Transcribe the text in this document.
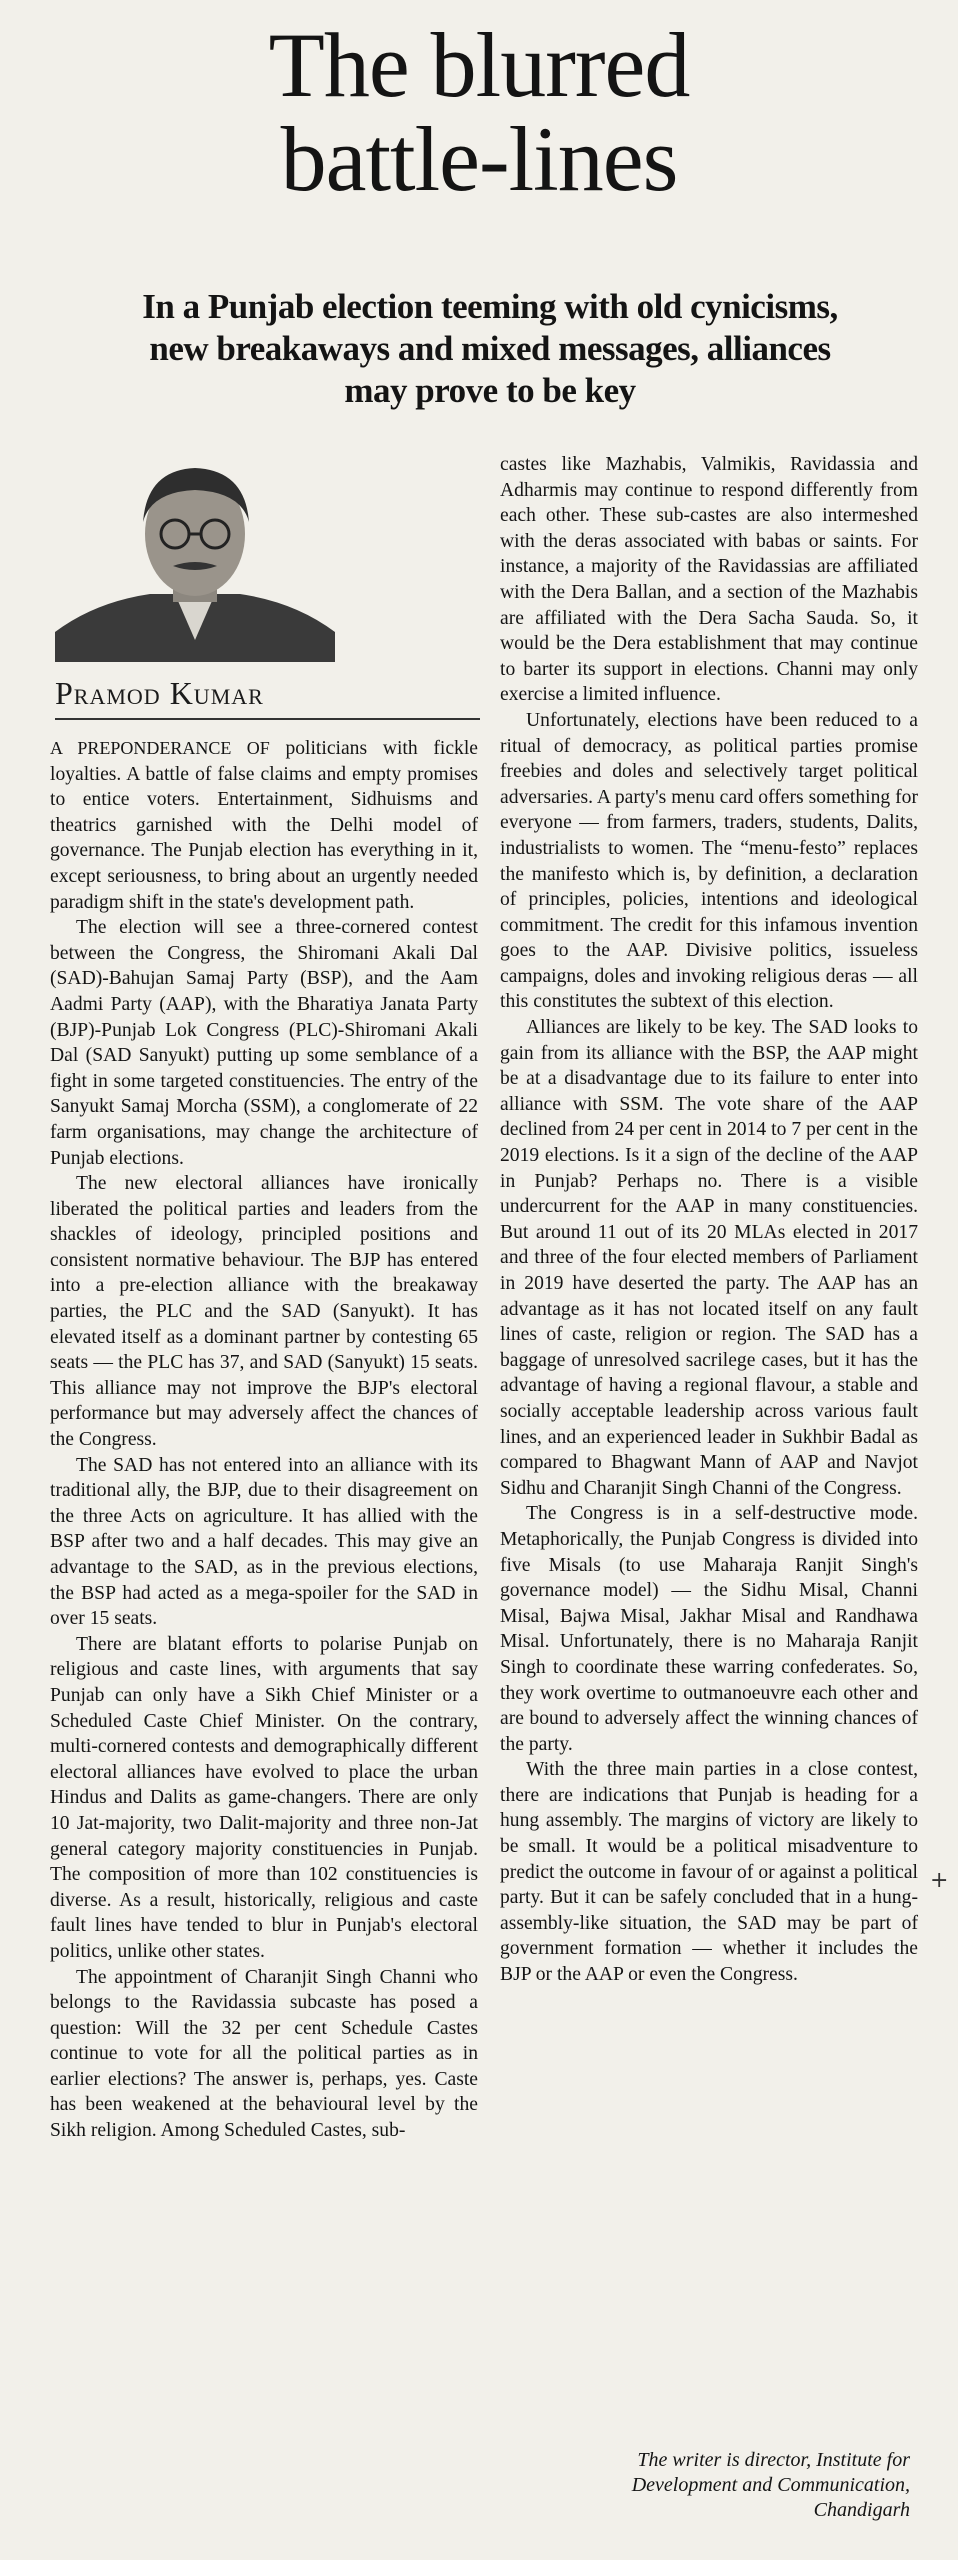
The blurred
battle-lines
In a Punjab election teeming with old cynicisms, new breakaways and mixed messages, alliances may prove to be key
Pramod Kumar

A PREPONDERANCE OF politicians with fickle loyalties. A battle of false claims and empty promises to entice voters. Entertainment, Sidhuisms and theatrics garnished with the Delhi model of governance. The Punjab election has everything in it, except seriousness, to bring about an urgently needed paradigm shift in the state's development path.

The election will see a three-cornered contest between the Congress, the Shiromani Akali Dal (SAD)-Bahujan Samaj Party (BSP), and the Aam Aadmi Party (AAP), with the Bharatiya Janata Party (BJP)-Punjab Lok Congress (PLC)-Shiromani Akali Dal (SAD Sanyukt) putting up some semblance of a fight in some targeted constituencies. The entry of the Sanyukt Samaj Morcha (SSM), a conglomerate of 22 farm organisations, may change the architecture of Punjab elections.

The new electoral alliances have ironically liberated the political parties and leaders from the shackles of ideology, principled positions and consistent normative behaviour. The BJP has entered into a pre-election alliance with the breakaway parties, the PLC and the SAD (Sanyukt). It has elevated itself as a dominant partner by contesting 65 seats — the PLC has 37, and SAD (Sanyukt) 15 seats. This alliance may not improve the BJP's electoral performance but may adversely affect the chances of the Congress.

The SAD has not entered into an alliance with its traditional ally, the BJP, due to their disagreement on the three Acts on agriculture. It has allied with the BSP after two and a half decades. This may give an advantage to the SAD, as in the previous elections, the BSP had acted as a mega-spoiler for the SAD in over 15 seats.

There are blatant efforts to polarise Punjab on religious and caste lines, with arguments that say Punjab can only have a Sikh Chief Minister or a Scheduled Caste Chief Minister. On the contrary, multi-cornered contests and demographically different electoral alliances have evolved to place the urban Hindus and Dalits as game-changers. There are only 10 Jat-majority, two Dalit-majority and three non-Jat general category majority constituencies in Punjab. The composition of more than 102 constituencies is diverse. As a result, historically, religious and caste fault lines have tended to blur in Punjab's electoral politics, unlike other states.

The appointment of Charanjit Singh Channi who belongs to the Ravidassia subcaste has posed a question: Will the 32 per cent Schedule Castes continue to vote for all the political parties as in earlier elections? The answer is, perhaps, yes. Caste has been weakened at the behavioural level by the Sikh religion. Among Scheduled Castes, sub-

castes like Mazhabis, Valmikis, Ravidassia and Adharmis may continue to respond differently from each other. These sub-castes are also intermeshed with the deras associated with babas or saints. For instance, a majority of the Ravidassias are affiliated with the Dera Ballan, and a section of the Mazhabis are affiliated with the Dera Sacha Sauda. So, it would be the Dera establishment that may continue to barter its support in elections. Channi may only exercise a limited influence.

Unfortunately, elections have been reduced to a ritual of democracy, as political parties promise freebies and doles and selectively target political adversaries. A party's menu card offers something for everyone — from farmers, traders, students, Dalits, industrialists to women. The “menu-festo” replaces the manifesto which is, by definition, a declaration of principles, policies, intentions and ideological commitment. The credit for this infamous invention goes to the AAP. Divisive politics, issueless campaigns, doles and invoking religious deras — all this constitutes the subtext of this election.

Alliances are likely to be key. The SAD looks to gain from its alliance with the BSP, the AAP might be at a disadvantage due to its failure to enter into alliance with SSM. The vote share of the AAP declined from 24 per cent in 2014 to 7 per cent in the 2019 elections. Is it a sign of the decline of the AAP in Punjab? Perhaps no. There is a visible undercurrent for the AAP in many constituencies. But around 11 out of its 20 MLAs elected in 2017 and three of the four elected members of Parliament in 2019 have deserted the party. The AAP has an advantage as it has not located itself on any fault lines of caste, religion or region. The SAD has a baggage of unresolved sacrilege cases, but it has the advantage of having a regional flavour, a stable and socially acceptable leadership across various fault lines, and an experienced leader in Sukhbir Badal as compared to Bhagwant Mann of AAP and Navjot Sidhu and Charanjit Singh Channi of the Congress.

The Congress is in a self-destructive mode. Metaphorically, the Punjab Congress is divided into five Misals (to use Maharaja Ranjit Singh's governance model) — the Sidhu Misal, Channi Misal, Bajwa Misal, Jakhar Misal and Randhawa Misal. Unfortunately, there is no Maharaja Ranjit Singh to coordinate these warring confederates. So, they work overtime to outmanoeuvre each other and are bound to adversely affect the winning chances of the party.

With the three main parties in a close contest, there are indications that Punjab is heading for a hung assembly. The margins of victory are likely to be small. It would be a political misadventure to predict the outcome in favour of or against a political party. But it can be safely concluded that in a hung-assembly-like situation, the SAD may be part of government formation — whether it includes the BJP or the AAP or even the Congress.

The writer is director, Institute for
Development and Communication,
Chandigarh
+
